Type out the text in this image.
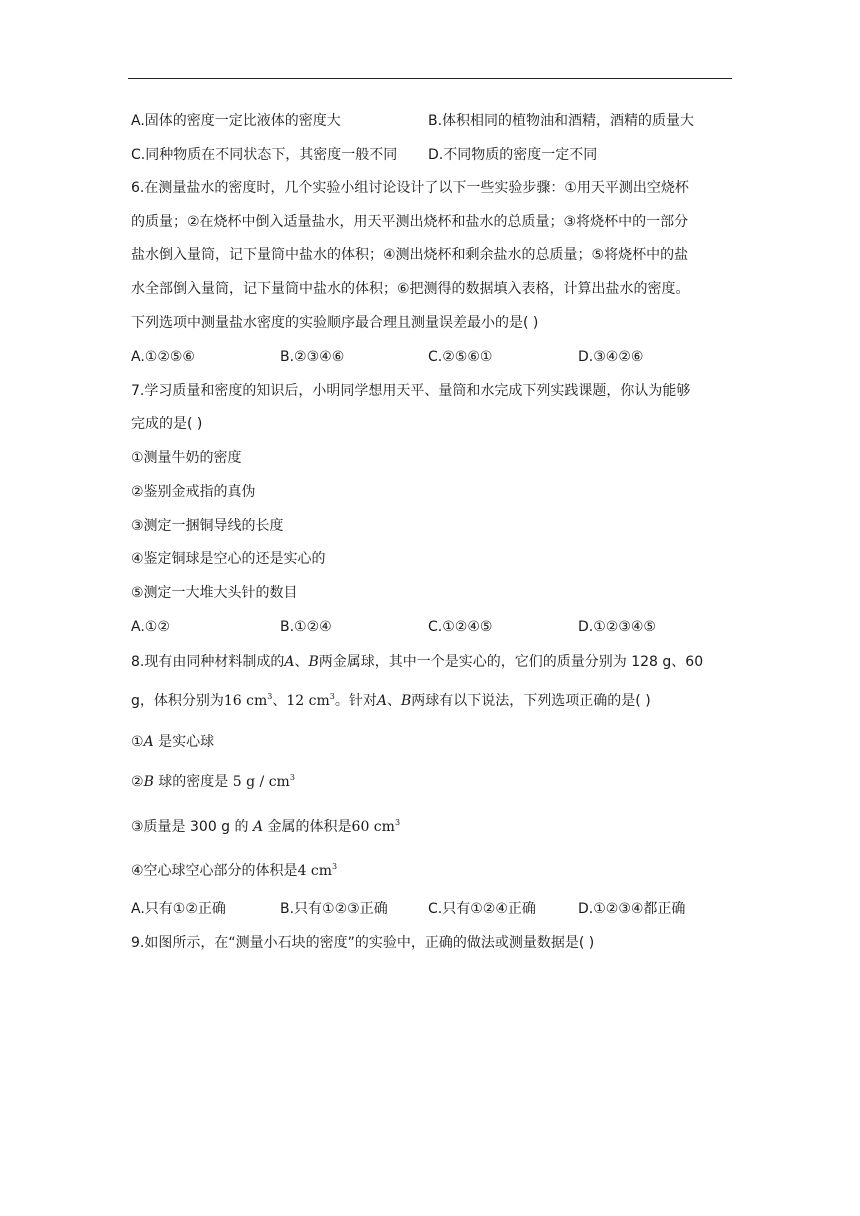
A.固体的密度一定比液体的密度大	B.体积相同的植物油和酒精，酒精的质量大
C.同种物质在不同状态下，其密度一般不同 D.不同物质的密度一定不同
6.在测量盐水的密度时，几个实验小组讨论设计了以下一些实验步骤：①用天平测出空烧杯
的质量；②在烧杯中倒入适量盐水，用天平测出烧杯和盐水的总质量；③将烧杯中的一部分
盐水倒入量筒，记下量筒中盐水的体积；④测出烧杯和剩余盐水的总质量；⑤将烧杯中的盐
水全部倒入量筒，记下量筒中盐水的体积；⑥把测得的数据填入表格，计算出盐水的密度。
下列选项中测量盐水密度的实验顺序最合理且测量误差最小的是( )
A.①②⑤⑥	B.②③④⑥	C.②⑤⑥①	D.③④②⑥
7.学习质量和密度的知识后，小明同学想用天平、量筒和水完成下列实践课题，你认为能够
完成的是( )
①测量牛奶的密度
②鉴别金戒指的真伪
③测定一捆铜导线的长度
④鉴定铜球是空心的还是实心的
⑤测定一大堆大头针的数目
A.①②	B.①②④	C.①②④⑤	D.①②③④⑤
8.现有由同种材料制成的A、B两金属球，其中一个是实心的，它们的质量分别为 128 g、60
g，体积分别为16 $cm^3$、12 $cm^3$。针对A、B两球有以下说法，下列选项正确的是( )
①A 是实心球
②B 球的密度是 5 g / $cm^3$
③质量是 300 g 的 A 金属的体积是60 $cm^3$
④空心球空心部分的体积是4 $cm^3$
A.只有①②正确	B.只有①②③正确	C.只有①②④正确	D.①②③④都正确
9.如图所示，在“测量小石块的密度”的实验中，正确的做法或测量数据是( )
